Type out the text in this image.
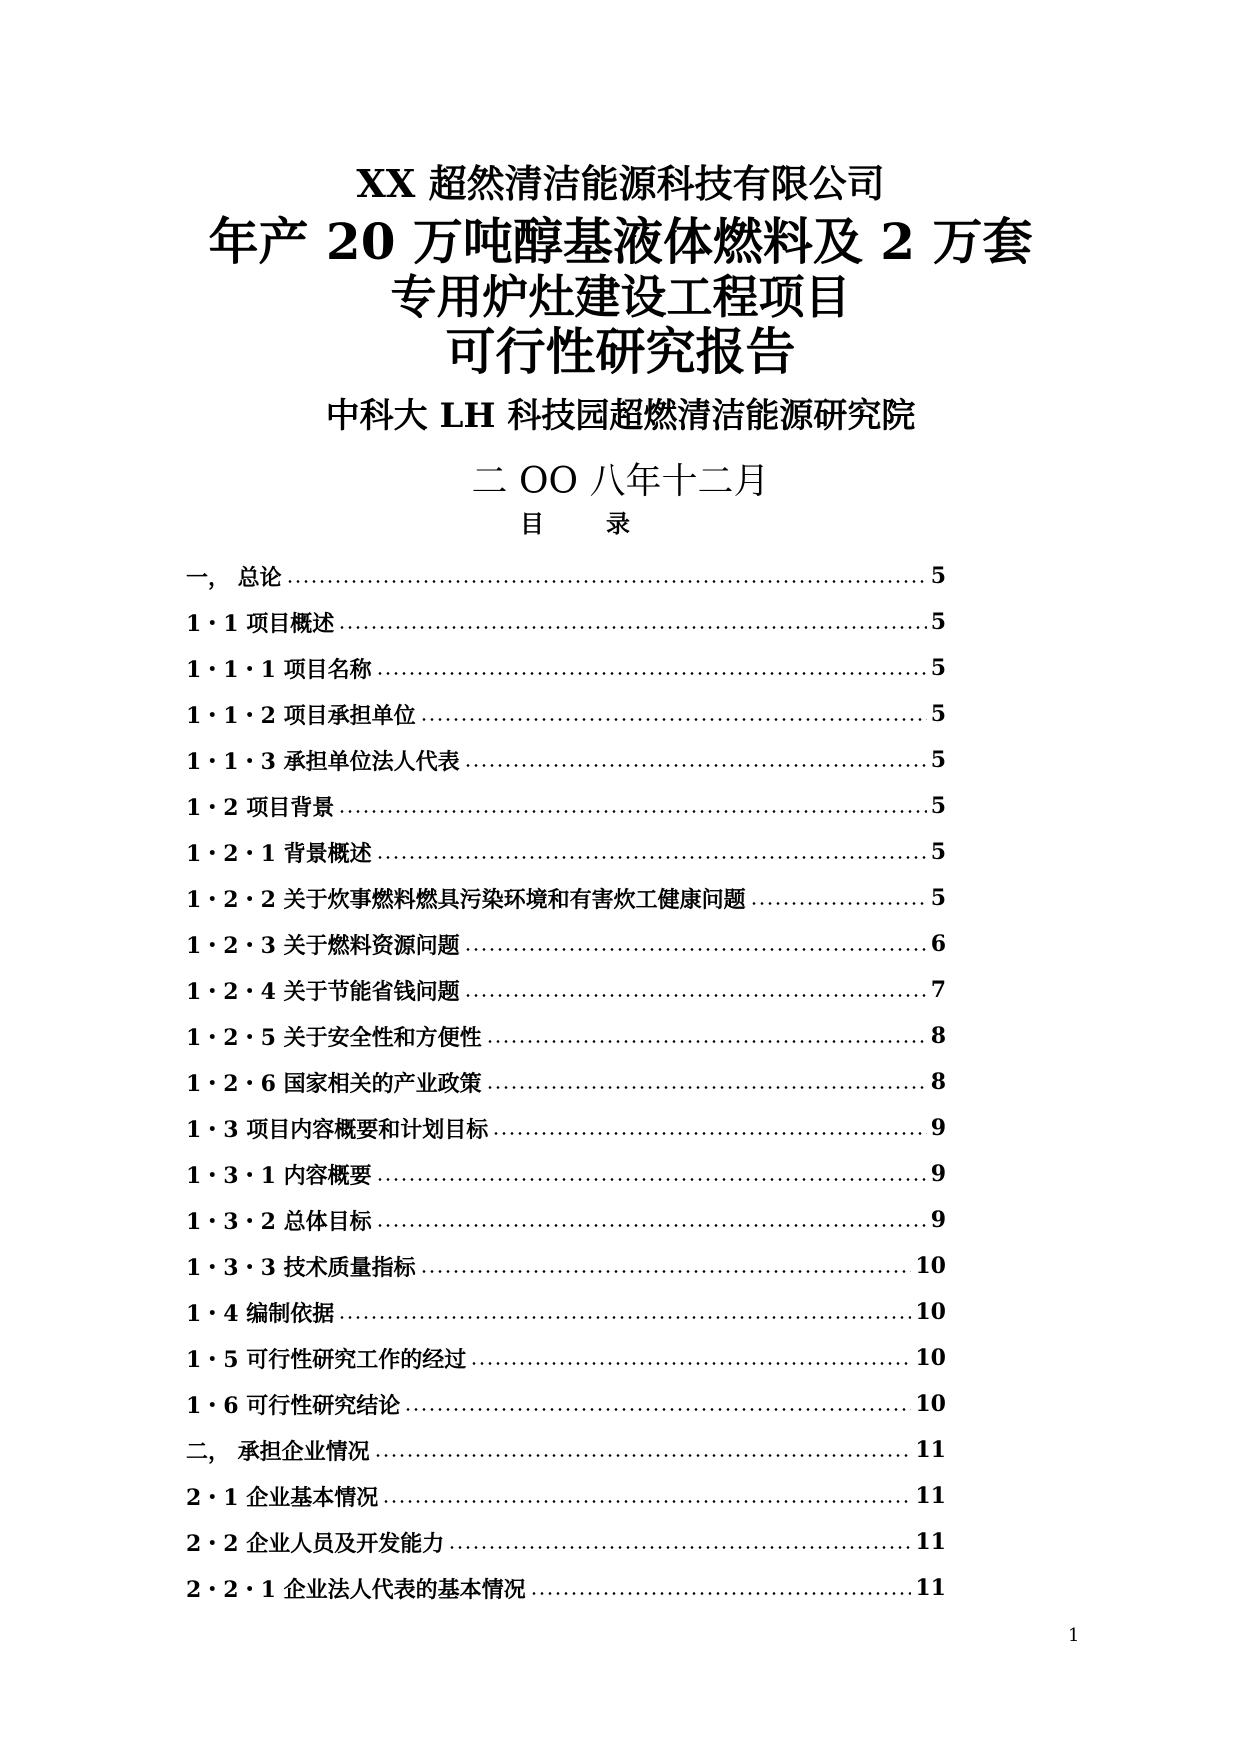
XX 超然清洁能源科技有限公司
年产 20 万吨醇基液体燃料及 2 万套
专用炉灶建设工程项目
可行性研究报告
中科大 LH 科技园超燃清洁能源研究院
二 OO 八年十二月
目	录
一， 总论	5
1・1 项目概述	5
1・1・1 项目名称	5
1・1・2 项目承担单位	5
1・1・3 承担单位法人代表	5
1・2 项目背景	5
1・2・1 背景概述	5
1・2・2 关于炊事燃料燃具污染环境和有害炊工健康问题	5
1・2・3 关于燃料资源问题	6
1・2・4 关于节能省钱问题	7
1・2・5 关于安全性和方便性	8
1・2・6 国家相关的产业政策	8
1・3 项目内容概要和计划目标	9
1・3・1 内容概要	9
1・3・2 总体目标	9
1・3・3 技术质量指标	10
1・4 编制依据	10
1・5 可行性研究工作的经过	10
1・6 可行性研究结论	10
二， 承担企业情况	11
2・1 企业基本情况	11
2・2 企业人员及开发能力	11
2・2・1 企业法人代表的基本情况	11
1
